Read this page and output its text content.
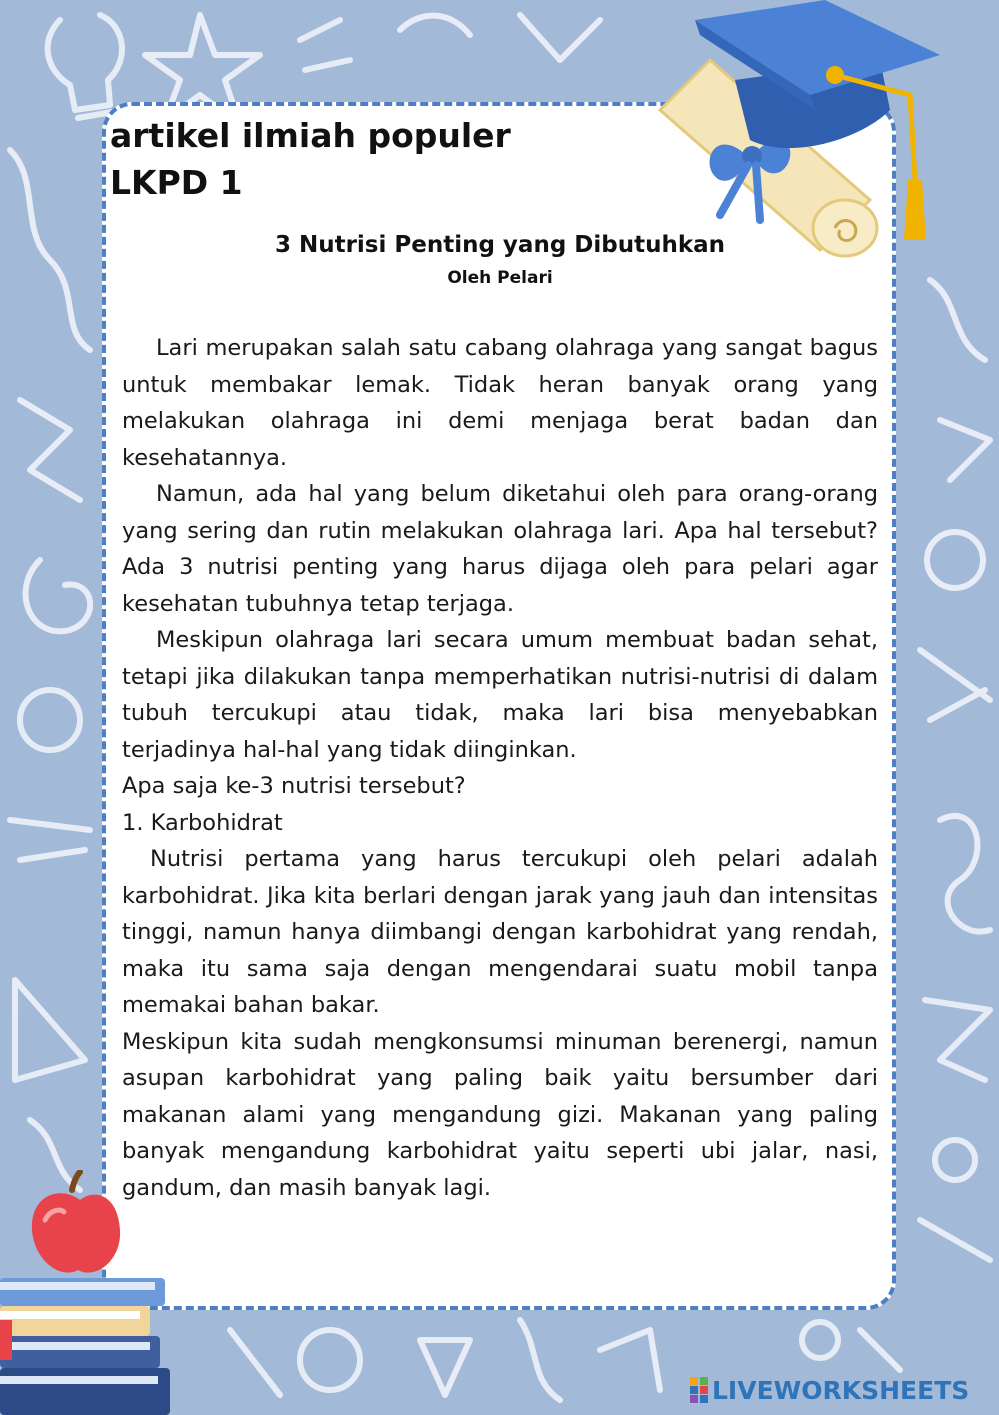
artikel ilmiah populer
LKPD 1
3 Nutrisi Penting yang Dibutuhkan

Oleh Pelari

Lari merupakan salah satu cabang olahraga yang sangat bagus untuk membakar lemak. Tidak heran banyak orang yang melakukan olahraga ini demi menjaga berat badan dan kesehatannya.

Namun, ada hal yang belum diketahui oleh para orang-orang yang sering dan rutin melakukan olahraga lari. Apa hal tersebut? Ada 3 nutrisi penting yang harus dijaga oleh para pelari agar kesehatan tubuhnya tetap terjaga.

Meskipun olahraga lari secara umum membuat badan sehat, tetapi jika dilakukan tanpa memperhatikan nutrisi-nutrisi di dalam tubuh tercukupi atau tidak, maka lari bisa menyebabkan terjadinya hal-hal yang tidak diinginkan.

Apa saja ke-3 nutrisi tersebut?

1. Karbohidrat

Nutrisi pertama yang harus tercukupi oleh pelari adalah karbohidrat. Jika kita berlari dengan jarak yang jauh dan intensitas tinggi, namun hanya diimbangi dengan karbohidrat yang rendah, maka itu sama saja dengan mengendarai suatu mobil tanpa memakai bahan bakar.

Meskipun kita sudah mengkonsumsi minuman berenergi, namun asupan karbohidrat yang paling baik yaitu bersumber dari makanan alami yang mengandung gizi. Makanan yang paling banyak mengandung karbohidrat yaitu seperti ubi jalar, nasi, gandum, dan masih banyak lagi.

LIVEWORKSHEETS
